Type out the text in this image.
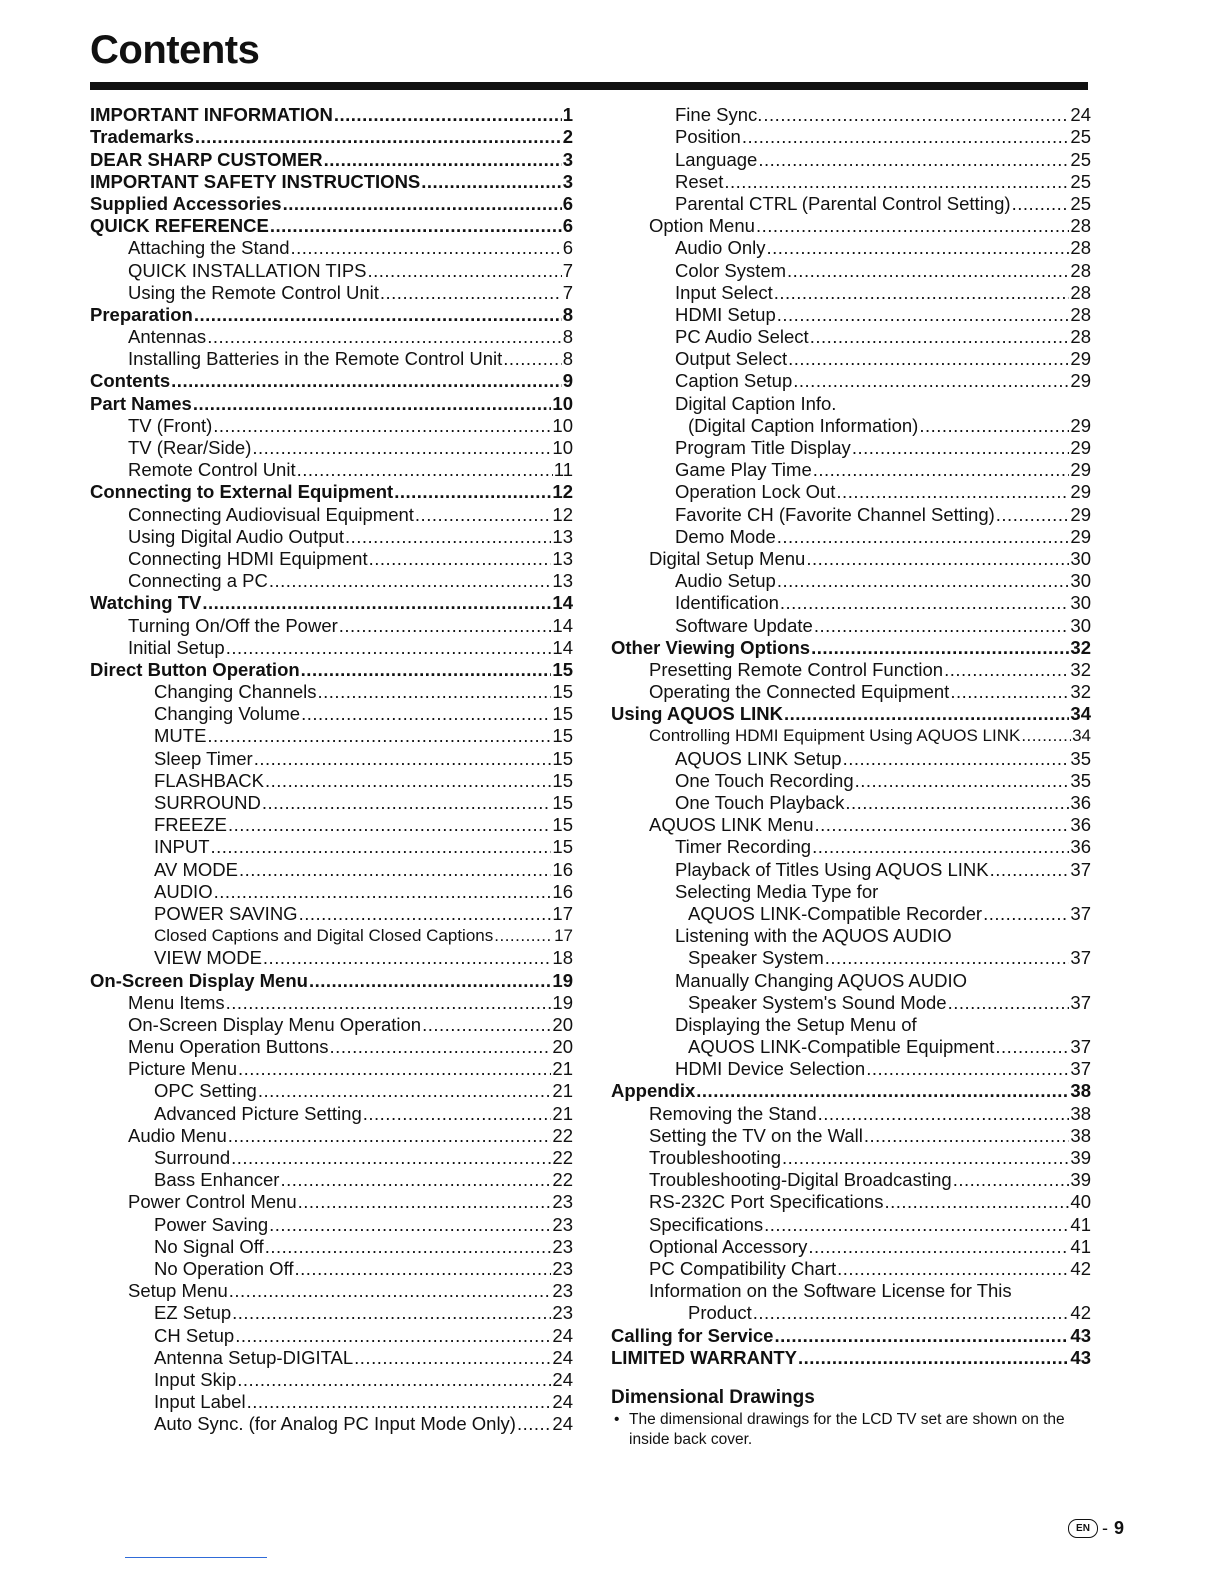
Contents
IMPORTANT INFORMATION .....	1
Trademarks .....	2
DEAR SHARP CUSTOMER .....	3
IMPORTANT SAFETY INSTRUCTIONS .....	3
Supplied Accessories .....	6
QUICK REFERENCE .....	6
Attaching the Stand .....	6
QUICK INSTALLATION TIPS .....	7
Using the Remote Control Unit .....	7
Preparation .....	8
Antennas .....	8
Installing Batteries in the Remote Control Unit .....	8
Contents .....	9
Part Names .....	10
TV (Front) .....	10
TV (Rear/Side) .....	10
Remote Control Unit .....	11
Connecting to External Equipment .....	12
Connecting Audiovisual Equipment .....	12
Using Digital Audio Output .....	13
Connecting HDMI Equipment .....	13
Connecting a PC .....	13
Watching TV .....	14
Turning On/Off the Power .....	14
Initial Setup .....	14
Direct Button Operation .....	15
Changing Channels .....	15
Changing Volume .....	15
MUTE .....	15
Sleep Timer .....	15
FLASHBACK .....	15
SURROUND .....	15
FREEZE .....	15
INPUT .....	15
AV MODE .....	16
AUDIO .....	16
POWER SAVING .....	17
Closed Captions and Digital Closed Captions .....	17
VIEW MODE .....	18
On-Screen Display Menu .....	19
Menu Items .....	19
On-Screen Display Menu Operation .....	20
Menu Operation Buttons .....	20
Picture Menu .....	21
OPC Setting .....	21
Advanced Picture Setting .....	21
Audio Menu .....	22
Surround .....	22
Bass Enhancer .....	22
Power Control Menu .....	23
Power Saving .....	23
No Signal Off .....	23
No Operation Off .....	23
Setup Menu .....	23
EZ Setup .....	23
CH Setup .....	24
Antenna Setup-DIGITAL .....	24
Input Skip .....	24
Input Label .....	24
Auto Sync. (for Analog PC Input Mode Only) ..... 24
Fine Sync. .....	24
Position .....	25
Language .....	25
Reset .....	25
Parental CTRL (Parental Control Setting) .....	25
Option Menu .....	28
Audio Only .....	28
Color System .....	28
Input Select .....	28
HDMI Setup .....	28
PC Audio Select .....	28
Output Select .....	29
Caption Setup .....	29
Digital Caption Info.
(Digital Caption Information) .....	29
Program Title Display .....	29
Game Play Time .....	29
Operation Lock Out .....	29
Favorite CH (Favorite Channel Setting) .....	29
Demo Mode .....	29
Digital Setup Menu .....	30
Audio Setup .....	30
Identification .....	30
Software Update .....	30
Other Viewing Options .....	32
Presetting Remote Control Function .....	32
Operating the Connected Equipment .....	32
Using AQUOS LINK .....	34
Controlling HDMI Equipment Using AQUOS LINK .....	34
AQUOS LINK Setup .....	35
One Touch Recording .....	35
One Touch Playback .....	36
AQUOS LINK Menu .....	36
Timer Recording .....	36
Playback of Titles Using AQUOS LINK .....	37
Selecting Media Type for
AQUOS LINK-Compatible Recorder .....	37
Listening with the AQUOS AUDIO
Speaker System .....	37
Manually Changing AQUOS AUDIO
Speaker System's Sound Mode .....	37
Displaying the Setup Menu of
AQUOS LINK-Compatible Equipment .....	37
HDMI Device Selection .....	37
Appendix .....	38
Removing the Stand .....	38
Setting the TV on the Wall .....	38
Troubleshooting .....	39
Troubleshooting-Digital Broadcasting .....	39
RS-232C Port Specifications .....	40
Specifications .....	41
Optional Accessory .....	41
PC Compatibility Chart .....	42
Information on the Software License for This
Product .....	42
Calling for Service .....	43
LIMITED WARRANTY .....	43
Dimensional Drawings
• The dimensional drawings for the LCD TV set are shown on the inside back cover.
EN - 9
